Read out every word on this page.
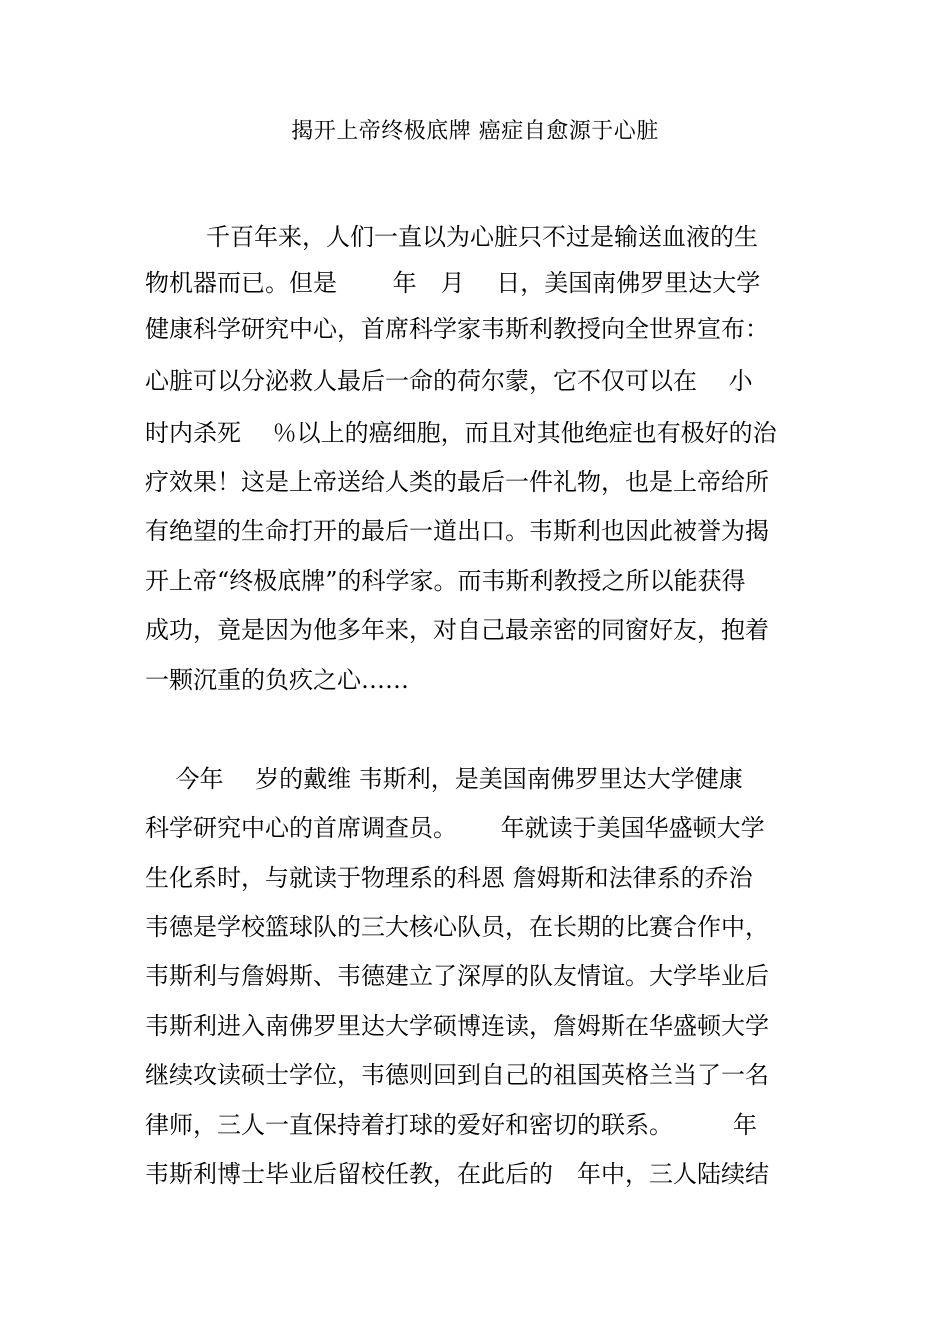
揭开上帝终极底牌 癌症自愈源于心脏
千百年来，人们一直以为心脏只不过是输送血液的生
物机器而已。但是　　 年　月　 日，美国南佛罗里达大学
健康科学研究中心，首席科学家韦斯利教授向全世界宣布：
心脏可以分泌救人最后一命的荷尔蒙，它不仅可以在　 小
时内杀死　 ％以上的癌细胞，而且对其他绝症也有极好的治
疗效果！这是上帝送给人类的最后一件礼物，也是上帝给所
有绝望的生命打开的最后一道出口。韦斯利也因此被誉为揭
开上帝“终极底牌”的科学家。而韦斯利教授之所以能获得
成功，竟是因为他多年来，对自己最亲密的同窗好友，抱着
一颗沉重的负疚之心……
今年　 岁的戴维 韦斯利，是美国南佛罗里达大学健康
科学研究中心的首席调查员。　　 年就读于美国华盛顿大学
生化系时，与就读于物理系的科恩 詹姆斯和法律系的乔治
韦德是学校篮球队的三大核心队员，在长期的比赛合作中，
韦斯利与詹姆斯、韦德建立了深厚的队友情谊。大学毕业后
韦斯利进入南佛罗里达大学硕博连读，詹姆斯在华盛顿大学
继续攻读硕士学位，韦德则回到自己的祖国英格兰当了一名
律师，三人一直保持着打球的爱好和密切的联系。　　　年
韦斯利博士毕业后留校任教，在此后的　年中，三人陆续结
